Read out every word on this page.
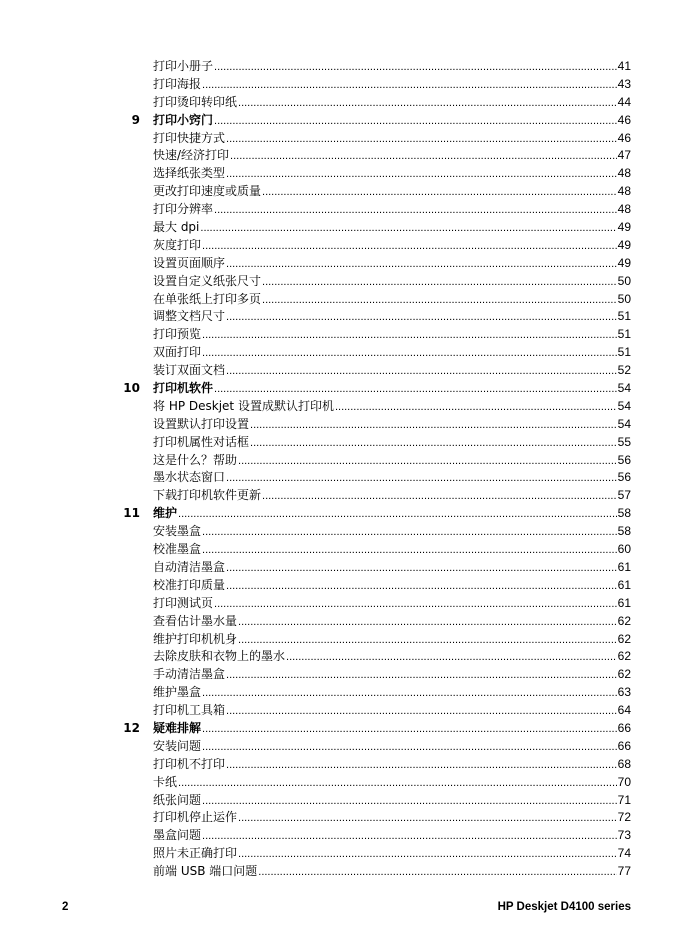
打印小册子 .....	41
打印海报 .....	43
打印烫印转印纸 .....	44
9 打印小窍门 .....	46
打印快捷方式 .....	46
快速/经济打印 .....	47
选择纸张类型 .....	48
更改打印速度或质量 .....	48
打印分辨率 .....	48
最大 dpi .....	49
灰度打印 .....	49
设置页面顺序 .....	49
设置自定义纸张尺寸 .....	50
在单张纸上打印多页 .....	50
调整文档尺寸 .....	51
打印预览 .....	51
双面打印 .....	51
装订双面文档 .....	52
10 打印机软件 .....	54
将 HP Deskjet 设置成默认打印机 .....	54
设置默认打印设置 .....	54
打印机属性对话框 .....	55
这是什么？帮助 .....	56
墨水状态窗口 .....	56
下载打印机软件更新 .....	57
11 维护 .....	58
安装墨盒 .....	58
校准墨盒 .....	60
自动清洁墨盒 .....	61
校准打印质量 .....	61
打印测试页 .....	61
查看估计墨水量 .....	62
维护打印机机身 .....	62
去除皮肤和衣物上的墨水 .....	62
手动清洁墨盒 .....	62
维护墨盒 .....	63
打印机工具箱 .....	64
12 疑难排解 .....	66
安装问题 .....	66
打印机不打印 .....	68
卡纸 .....	70
纸张问题 .....	71
打印机停止运作 .....	72
墨盒问题 .....	73
照片未正确打印 .....	74
前端 USB 端口问题 .....	77
2	HP Deskjet D4100 series
